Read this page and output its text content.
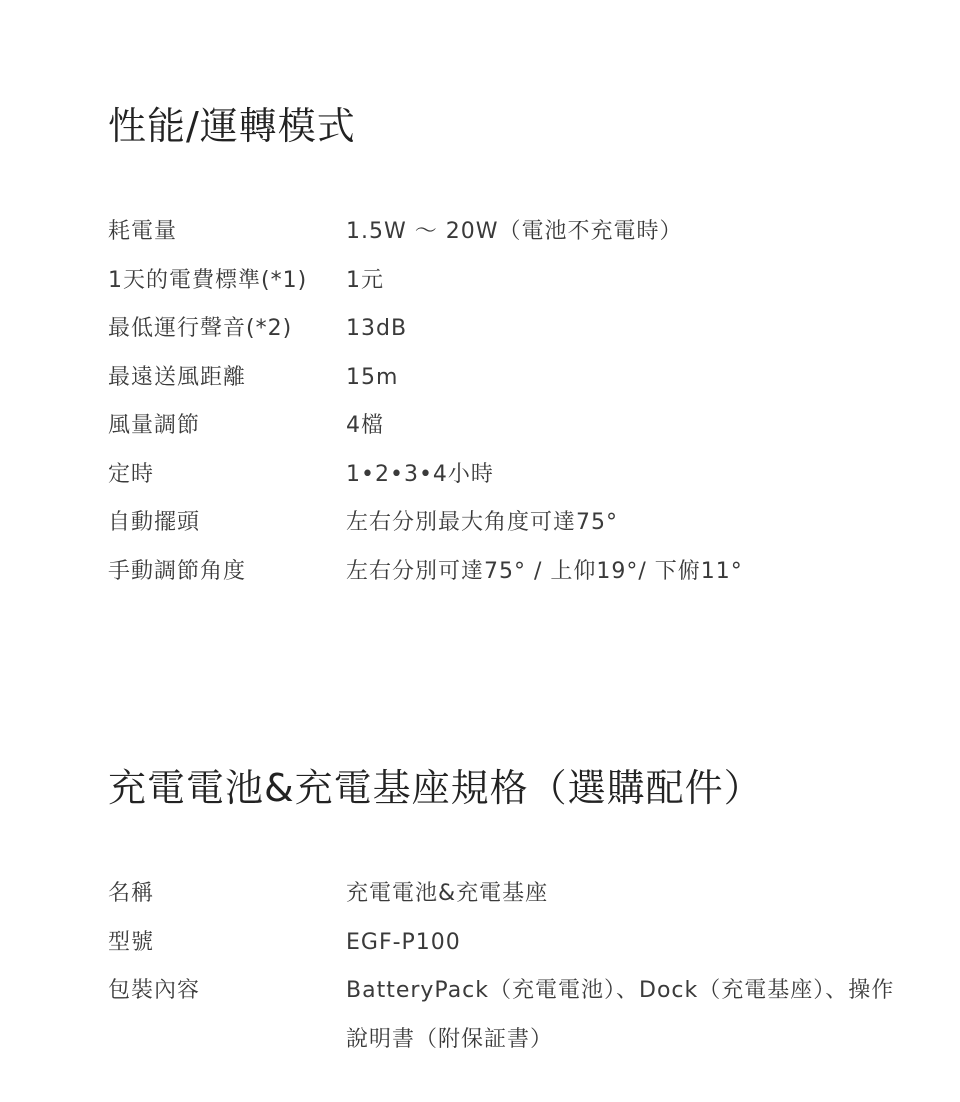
性能/運轉模式
耗電量	1.5W ～ 20W（電池不充電時）
1天的電費標準(*1)	1元
最低運行聲音(*2)	13dB
最遠送風距離	15m
風量調節	4檔
定時	1•2•3•4小時
自動擺頭	左右分別最大角度可達75°
手動調節角度	左右分別可達75° / 上仰19°/ 下俯11°
充電電池&充電基座規格（選購配件）
名稱	充電電池&充電基座
型號	EGF-P100
包裝內容	BatteryPack（充電電池）、Dock（充電基座）、操作說明書（附保証書）
